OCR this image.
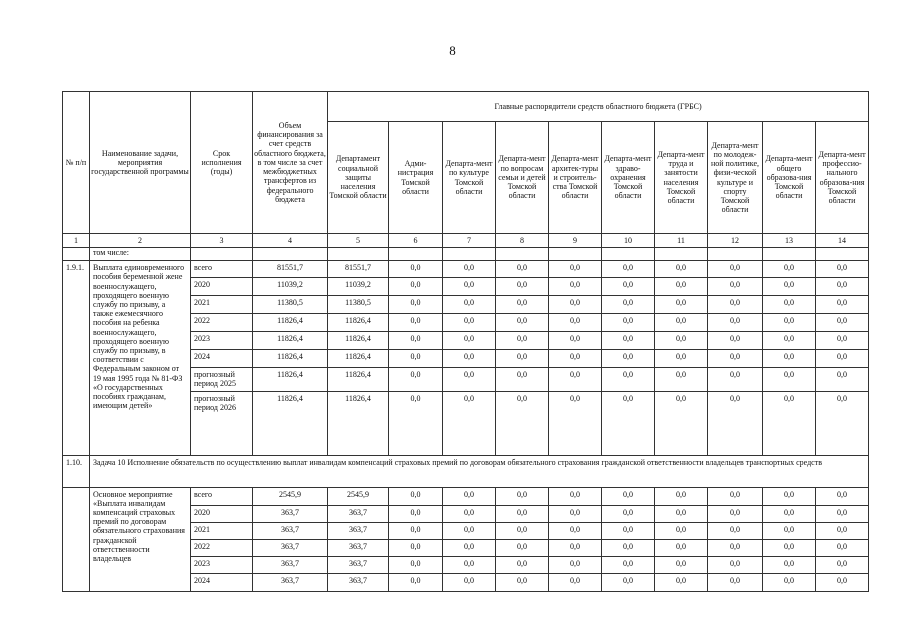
8
№ п/п	Наименование задачи, мероприятия государственной программы	Срок исполнения (годы)	Объем финансирования за счет средств областного бюджета, в том числе за счет межбюджетных трансфертов из федерального бюджета	Главные распорядители средств областного бюджета (ГРБС)									
				Департамент социальной защиты населения Томской области	Адми-нистрация Томской области	Департа-мент по культуре Томской области	Департа-мент по вопросам семьи и детей Томской области	Департа-мент архитек-туры и строитель-ства Томской области	Департа-мент здраво-охранения Томской области	Департа-мент труда и занятости населения Томской области	Департа-мент по молодеж-ной политике, физи-ческой культуре и спорту Томской области	Департа-мент общего образова-ния Томской области	Департа-мент профессио-нального образова-ния Томской области
1	2	3	4	5	6	7	8	9	10	11	12	13	14
	том числе:												
1.9.1.	Выплата единовременного пособия беременной жене военнослужащего, проходящего военную службу по призыву, а также ежемесячного пособия на ребенка военнослужащего, проходящего военную службу по призыву, в соответствии с Федеральным законом от 19 мая 1995 года № 81-ФЗ «О государственных пособиях гражданам, имеющим детей»	всего	81551,7	81551,7	0,0	0,0	0,0	0,0	0,0	0,0	0,0	0,0	0,0
		2020	11039,2	11039,2	0,0	0,0	0,0	0,0	0,0	0,0	0,0	0,0	0,0
		2021	11380,5	11380,5	0,0	0,0	0,0	0,0	0,0	0,0	0,0	0,0	0,0
		2022	11826,4	11826,4	0,0	0,0	0,0	0,0	0,0	0,0	0,0	0,0	0,0
		2023	11826,4	11826,4	0,0	0,0	0,0	0,0	0,0	0,0	0,0	0,0	0,0
		2024	11826,4	11826,4	0,0	0,0	0,0	0,0	0,0	0,0	0,0	0,0	0,0
		прогнозный период 2025	11826,4	11826,4	0,0	0,0	0,0	0,0	0,0	0,0	0,0	0,0	0,0
		прогнозный период 2026	11826,4	11826,4	0,0	0,0	0,0	0,0	0,0	0,0	0,0	0,0	0,0
1.10.	Задача 10 Исполнение обязательств по осуществлению выплат инвалидам компенсаций страховых премий по договорам обязательного страхования гражданской ответственности владельцев транспортных средств												
	Основное мероприятие «Выплата инвалидам компенсаций страховых премий по договорам обязательного страхования гражданской ответственности владельцев	всего	2545,9	2545,9	0,0	0,0	0,0	0,0	0,0	0,0	0,0	0,0	0,0
		2020	363,7	363,7	0,0	0,0	0,0	0,0	0,0	0,0	0,0	0,0	0,0
		2021	363,7	363,7	0,0	0,0	0,0	0,0	0,0	0,0	0,0	0,0	0,0
		2022	363,7	363,7	0,0	0,0	0,0	0,0	0,0	0,0	0,0	0,0	0,0
		2023	363,7	363,7	0,0	0,0	0,0	0,0	0,0	0,0	0,0	0,0	0,0
		2024	363,7	363,7	0,0	0,0	0,0	0,0	0,0	0,0	0,0	0,0	0,0
